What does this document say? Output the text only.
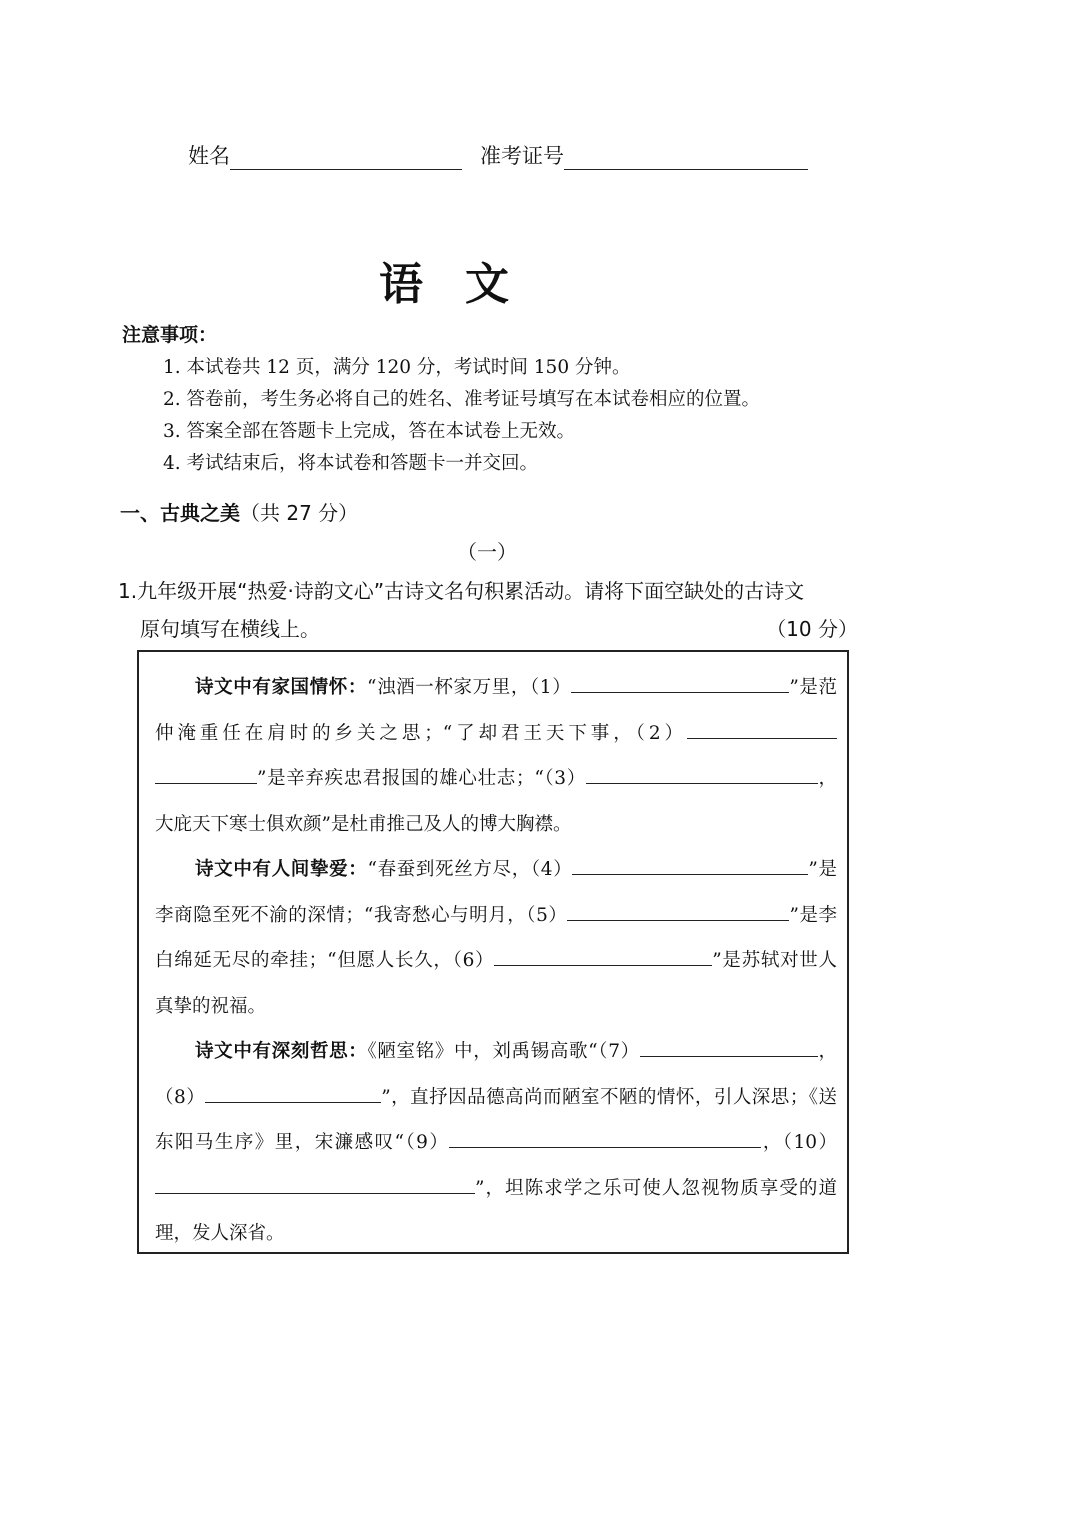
姓名	准考证号
语文
注意事项：
1. 本试卷共 12 页，满分 120 分，考试时间 150 分钟。
2. 答卷前，考生务必将自己的姓名、准考证号填写在本试卷相应的位置。
3. 答案全部在答题卡上完成，答在本试卷上无效。
4. 考试结束后，将本试卷和答题卡一并交回。
一、古典之美（共 27 分）
（一）
1.九年级开展“热爱·诗韵文心”古诗文名句积累活动。请将下面空缺处的古诗文
原句填写在横线上。	（10 分）

诗文中有家国情怀：“浊酒一杯家万里，（1）	”是范仲淹重任在肩时的乡关之思；“了却君王天下事，（2）”是辛弃疾忠君报国的雄心壮志；“（3）	，大庇天下寒士俱欢颜”是杜甫推己及人的博大胸襟。

诗文中有人间挚爱：“春蚕到死丝方尽，（4）	”是李商隐至死不渝的深情；“我寄愁心与明月，（5）	”是李白绵延无尽的牵挂；“但愿人长久，（6）	”是苏轼对世人真挚的祝福。

诗文中有深刻哲思：《陋室铭》中，刘禹锡高歌“（7）	，（8）	”，直抒因品德高尚而陋室不陋的情怀，引人深思；《送东阳马生序》里，宋濂感叹“（9）	，（10）”，坦陈求学之乐可使人忽视物质享受的道理，发人深省。
